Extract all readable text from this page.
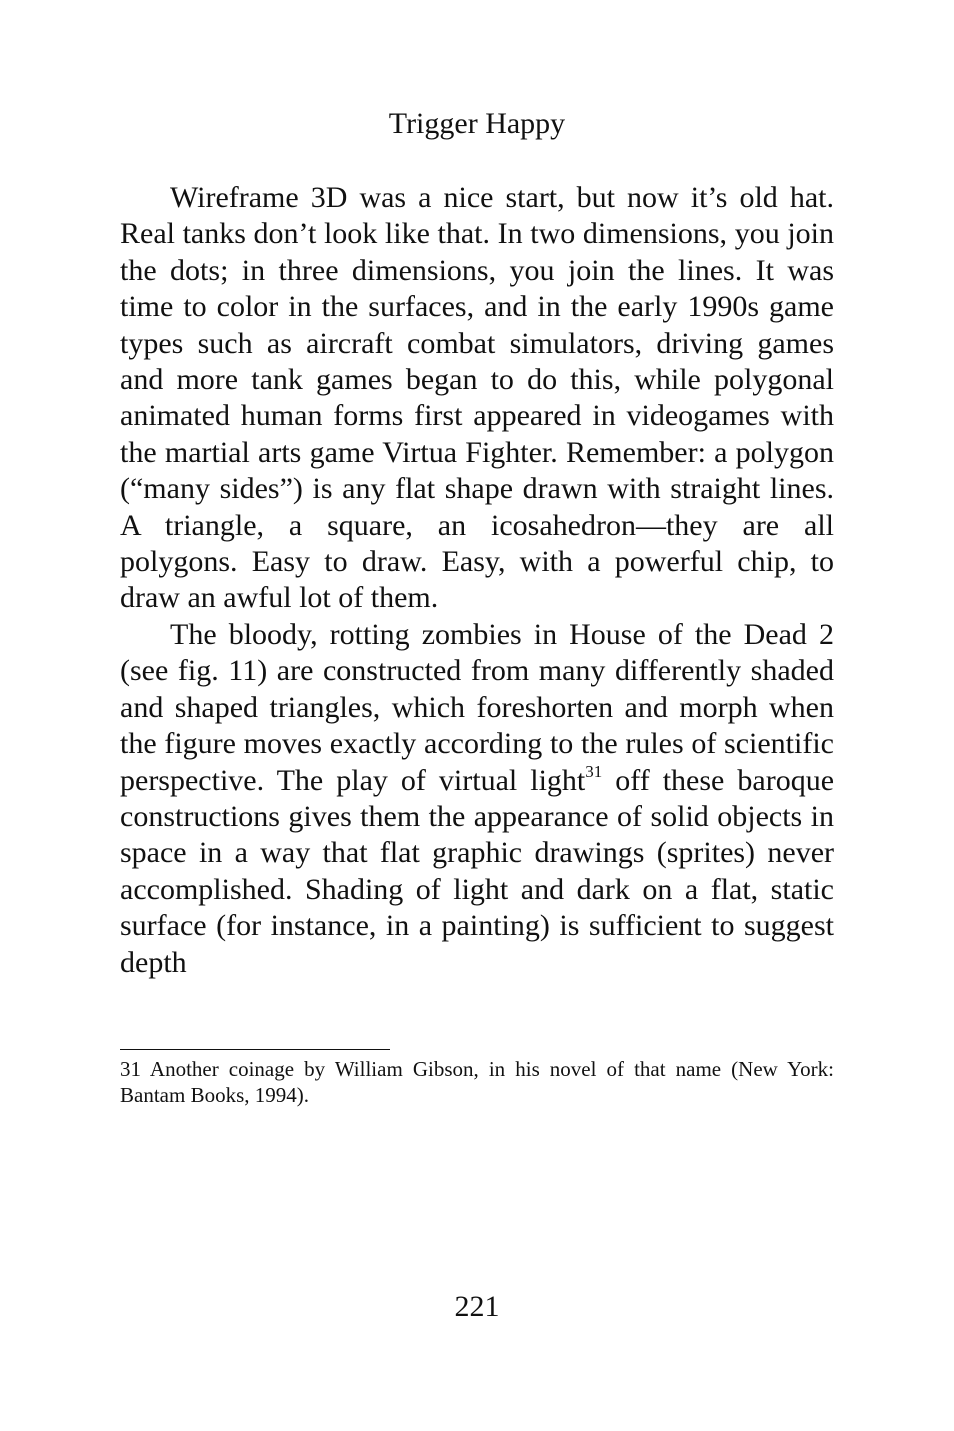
Trigger Happy

Wireframe 3D was a nice start, but now it’s old hat. Real tanks don’t look like that. In two dimensions, you join the dots; in three dimensions, you join the lines. It was time to color in the surfaces, and in the early 1990s game types such as aircraft combat simulators, driving games and more tank games began to do this, while polygonal animated human forms first appeared in videogames with the martial arts game Virtua Fighter. Remember: a polygon (“many sides”) is any flat shape drawn with straight lines. A triangle, a square, an icosahedron—they are all polygons. Easy to draw. Easy, with a powerful chip, to draw an awful lot of them.

The bloody, rotting zombies in House of the Dead 2 (see fig. 11) are constructed from many differently shaded and shaped triangles, which foreshorten and morph when the figure moves exactly according to the rules of scientific perspective. The play of virtual light$^{31}$ off these baroque constructions gives them the appearance of solid objects in space in a way that flat graphic drawings (sprites) never accomplished. Shading of light and dark on a flat, static surface (for instance, in a painting) is sufficient to suggest depth

31 Another coinage by William Gibson, in his novel of that name (New York: Bantam Books, 1994).
221
